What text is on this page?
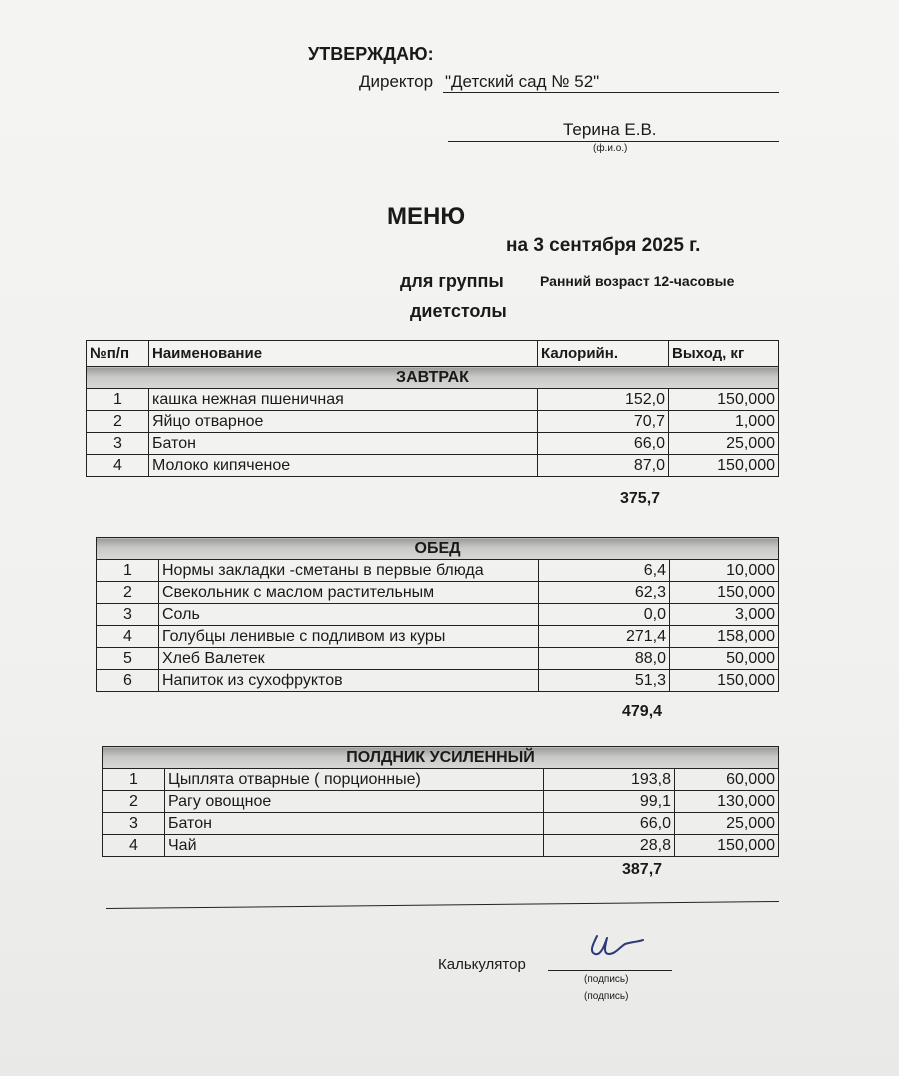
УТВЕРЖДАЮ:
Директор "Детский сад № 52"
Терина Е.В.
(ф.и.о.)
МЕНЮ
на 3 сентября 2025 г.
для группы	Ранний возраст 12-часовые
диетстолы
№п/п	Наименование	Калорийн.	Выход, кг
ЗАВТРАК			
1	кашка нежная пшеничная	152,0	150,000
2	Яйцо отварное	70,7	1,000
3	Батон	66,0	25,000
4	Молоко кипяченое	87,0	150,000
375,7
ОБЕД			
1	Нормы закладки -сметаны в первые блюда	6,4	10,000
2	Свекольник с маслом растительным	62,3	150,000
3	Соль	0,0	3,000
4	Голубцы ленивые с подливом из куры	271,4	158,000
5	Хлеб Валетек	88,0	50,000
6	Напиток из сухофруктов	51,3	150,000
479,4
ПОЛДНИК УСИЛЕННЫЙ			
1	Цыплята отварные ( порционные)	193,8	60,000
2	Рагу овощное	99,1	130,000
3	Батон	66,0	25,000
4	Чай	28,8	150,000
387,7
Калькулятор
(подпись)
(подпись)
